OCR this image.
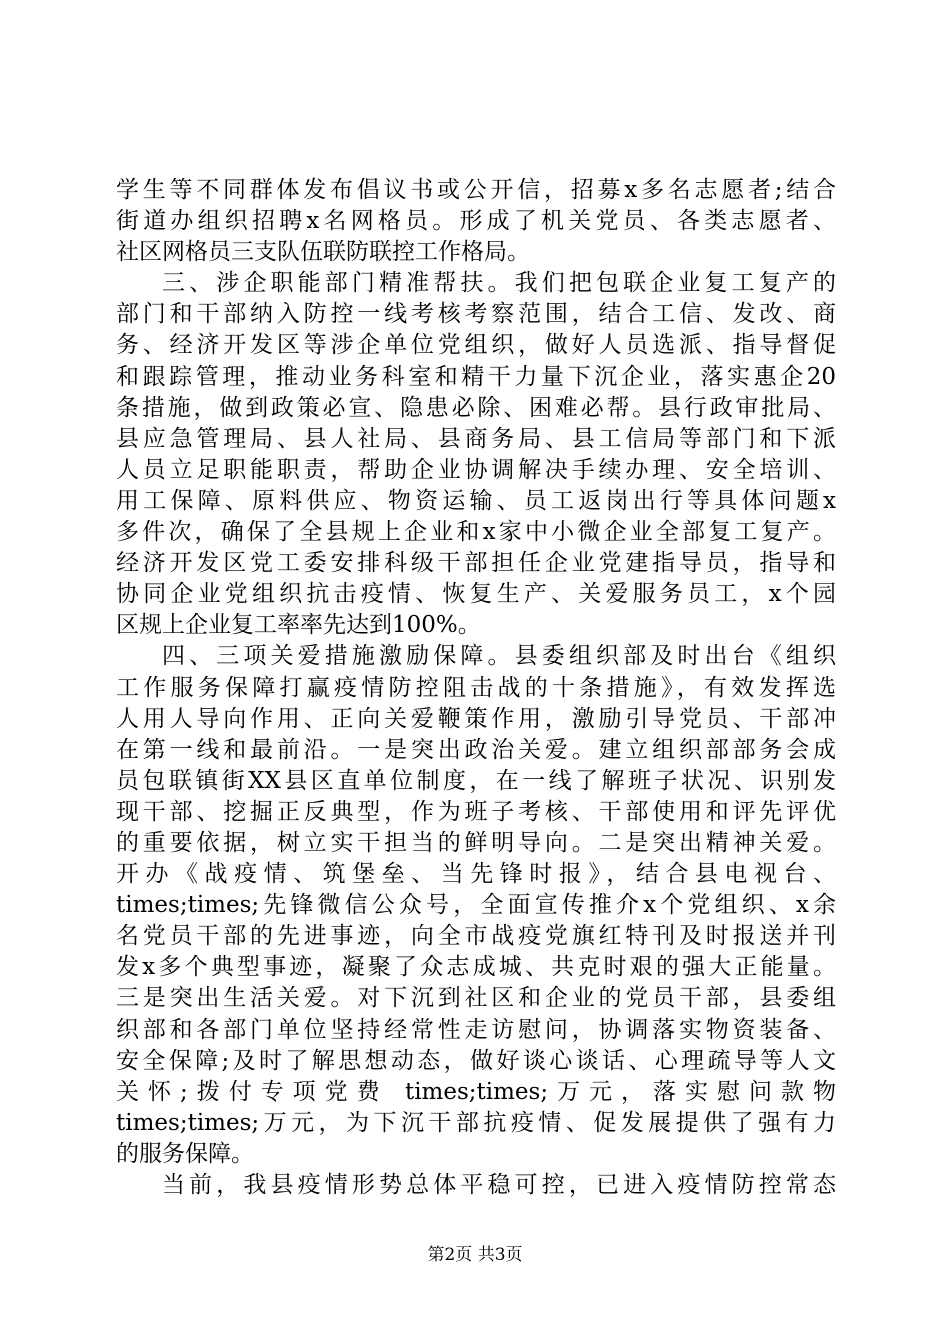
学生等不同群体发布倡议书或公开信，招募x多名志愿者;结合
街道办组织招聘x名网格员。形成了机关党员、各类志愿者、
社区网格员三支队伍联防联控工作格局。
三、涉企职能部门精准帮扶。我们把包联企业复工复产的
部门和干部纳入防控一线考核考察范围，结合工信、发改、商
务、经济开发区等涉企单位党组织，做好人员选派、指导督促
和跟踪管理，推动业务科室和精干力量下沉企业，落实惠企20
条措施，做到政策必宣、隐患必除、困难必帮。县行政审批局、
县应急管理局、县人社局、县商务局、县工信局等部门和下派
人员立足职能职责，帮助企业协调解决手续办理、安全培训、
用工保障、原料供应、物资运输、员工返岗出行等具体问题x
多件次，确保了全县规上企业和x家中小微企业全部复工复产。
经济开发区党工委安排科级干部担任企业党建指导员，指导和
协同企业党组织抗击疫情、恢复生产、关爱服务员工，x个园
区规上企业复工率率先达到100%。
四、三项关爱措施激励保障。县委组织部及时出台《组织
工作服务保障打赢疫情防控阻击战的十条措施》，有效发挥选
人用人导向作用、正向关爱鞭策作用，激励引导党员、干部冲
在第一线和最前沿。一是突出政治关爱。建立组织部部务会成
员包联镇街XX县区直单位制度，在一线了解班子状况、识别发
现干部、挖掘正反典型，作为班子考核、干部使用和评先评优
的重要依据，树立实干担当的鲜明导向。二是突出精神关爱。
开办《战疫情、筑堡垒、当先锋时报》，结合县电视台、
times;times;先锋微信公众号，全面宣传推介x个党组织、x余
名党员干部的先进事迹，向全市战疫党旗红特刊及时报送并刊
发x多个典型事迹，凝聚了众志成城、共克时艰的强大正能量。
三是突出生活关爱。对下沉到社区和企业的党员干部，县委组
织部和各部门单位坚持经常性走访慰问，协调落实物资装备、
安全保障;及时了解思想动态，做好谈心谈话、心理疏导等人文
关怀;拨付专项党费 times;times;万元，落实慰问款物
times;times;万元，为下沉干部抗疫情、促发展提供了强有力
的服务保障。
当前，我县疫情形势总体平稳可控，已进入疫情防控常态
第2页 共3页
